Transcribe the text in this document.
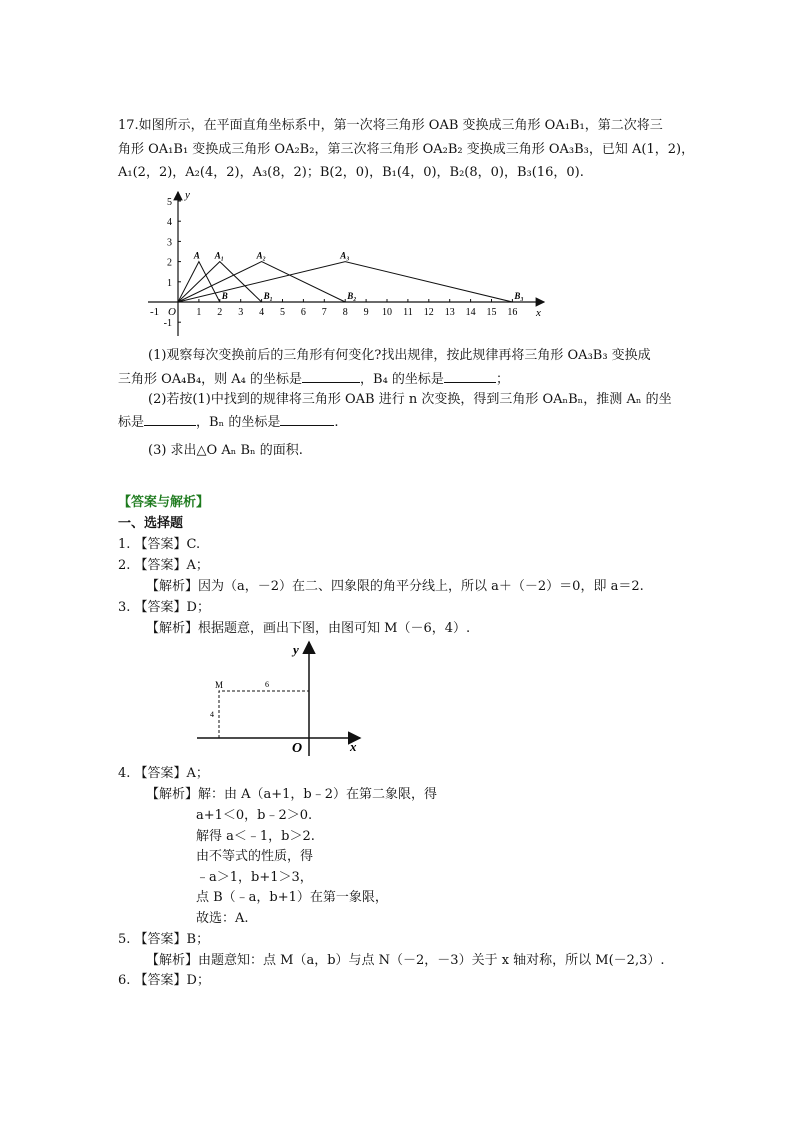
17.如图所示，在平面直角坐标系中，第一次将三角形 OAB 变换成三角形 OA₁B₁，第二次将三
角形 OA₁B₁ 变换成三角形 OA₂B₂，第三次将三角形 OA₂B₂ 变换成三角形 OA₃B₃，已知 A(1，2)，
A₁(2，2)，A₂(4，2)，A₃(8，2)；B(2，0)，B₁(4，0)，B₂(8，0)，B₃(16，0).
1 2 3 4 5 6 7 8 9 10 11 12 13 14 15 16
5
4
3
2
1
-1
A A₁	A₂	A₃
B	B₁	B₂	B₃
y
x
O
-1
(1)观察每次变换前后的三角形有何变化?找出规律，按此规律再将三角形 OA₃B₃ 变换成
三角形 OA₄B₄，则 A₄ 的坐标是	，B₄ 的坐标是	；
(2)若按(1)中找到的规律将三角形 OAB 进行 n 次变换，得到三角形 OAₙBₙ，推测 Aₙ 的坐
标是	，Bₙ 的坐标是	.
(3) 求出△O Aₙ Bₙ 的面积.
【答案与解析】
一、选择题
1. 【答案】C.
2. 【答案】A；
【解析】因为（a，－2）在二、四象限的角平分线上，所以 a＋（－2）＝0，即 a＝2.
3. 【答案】D；
【解析】根据题意，画出下图，由图可知 M（－6，4）.
M	6
4
O	x
y
4. 【答案】A；
【解析】解：由 A（a+1，b﹣2）在第二象限，得
a+1＜0，b﹣2＞0.
解得 a＜﹣1，b＞2.
由不等式的性质，得
﹣a＞1，b+1＞3，
点 B（﹣a，b+1）在第一象限，
故选：A.
5. 【答案】B；
【解析】由题意知：点 M（a，b）与点 N（－2，－3）关于 x 轴对称，所以 M(－2,3）.
6. 【答案】D；
